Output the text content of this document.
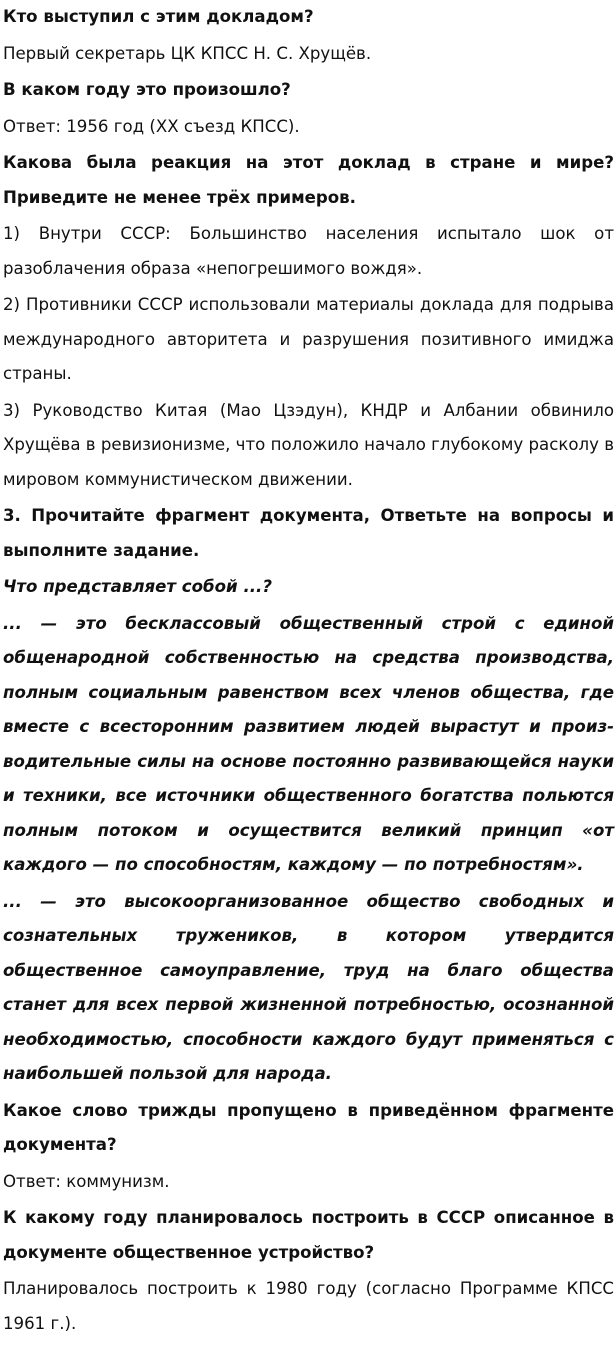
Кто выступил с этим докладом?

Первый секретарь ЦК КПСС Н. С. Хрущёв.

В каком году это произошло?

Ответ: 1956 год (XX съезд КПСС).

Какова была реакция на этот доклад в стране и мире? Приведите не менее трёх примеров.

1) Внутри СССР: Большинство населения испытало шок от разоблачения образа «непогрешимого вождя».

2) Противники СССР использовали материалы доклада для подрыва международного авторитета и разрушения позитивного имиджа страны.

3) Руководство Китая (Мао Цзэдун), КНДР и Албании обвинило Хрущёва в ревизионизме, что положило начало глубокому расколу в мировом коммунистическом движении.

3. Прочитайте фрагмент документа, Ответьте на вопросы и выполните задание.

Что представляет собой ...?

... — это бесклассовый общественный строй с единой общенародной собственностью на средства производства, полным социальным равенством всех членов общества, где вместе с всесторонним развитием людей вырастут и производительные силы на основе постоянно развивающейся науки и техники, все источники общественного богатства польются полным потоком и осуществится великий принцип «от каждого — по способностям, каждому — по потребностям».

... — это высокоорганизованное общество свободных и сознательных тружеников, в котором утвердится общественное самоуправление, труд на благо общества станет для всех первой жизненной потребностью, осознанной необходимостью, способности каждого будут применяться с наибольшей пользой для народа.

Какое слово трижды пропущено в приведённом фрагменте документа?

Ответ: коммунизм.

К какому году планировалось построить в СССР описанное в документе общественное устройство?

Планировалось построить к 1980 году (согласно Программе КПСС 1961 г.).
